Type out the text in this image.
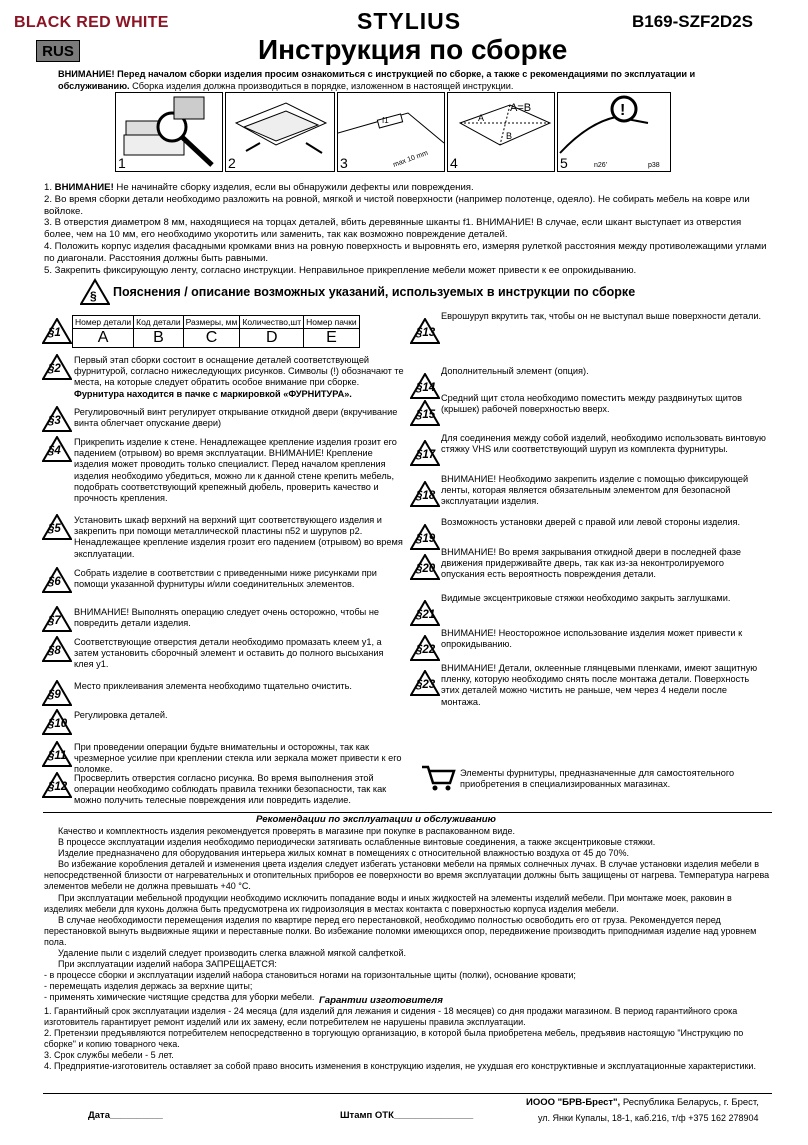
BLACK RED WHITE	STYLIUS	B169-SZF2D2S
RUS	Инструкция по сборке
ВНИМАНИЕ! Перед началом сборки изделия просим ознакомиться с инструкцией по сборке, а также с рекомендациями по эксплуатации и обслуживанию. Сборка изделия должна производиться в порядке, изложенном в настоящей инструкции.
1	2
f1
max 10 mm
3
A=B
A
B
4
!
n26'	p38
5

1. ВНИМАНИЕ! Не начинайте сборку изделия, если вы обнаружили дефекты или повреждения.

2. Во время сборки детали необходимо разложить на ровной, мягкой и чистой поверхности (например полотенце, одеяло). Не собирать мебель на ковре или войлоке.

3. В отверстия диаметром 8 мм, находящиеся на торцах деталей, вбить деревянные шканты f1. ВНИМАНИЕ! В случае, если шкант выступает из отверстия более, чем на 10 мм, его необходимо укоротить или заменить, так как возможно повреждение деталей.

4. Положить корпус изделия фасадными кромками вниз на ровную поверхность и выровнять его, измеряя рулеткой расстояния между противолежащими углами по диагонали. Расстояния должны быть равными.

5. Закрепить фиксирующую ленту, согласно инструкции. Неправильное прикрепление мебели может привести к ее опрокидыванию.

§ Пояснения / описание возможных указаний, используемых в инструкции по сборке
Номер детали	Код детали	Размеры, мм	Количество,шт	Номер пачки
A	B	C	D	E
Элементы фурнитуры, предназначенные для самостоятельного приобретения в специализированных магазинах.
Рекомендации по эксплуатации и обслуживанию

Качество и комплектность изделия рекомендуется проверять в магазине при покупке в распакованном виде.

В процессе эксплуатации изделия необходимо периодически затягивать ослабленные винтовые соединения, а также эксцентриковые стяжки.

Изделие предназначено для оборудования интерьера жилых комнат в помещениях с относительной влажностью воздуха от 45 до 70%.

Во избежание коробления деталей и изменения цвета изделия следует избегать установки мебели на прямых солнечных лучах. В случае установки изделия мебели в непосредственной близости от нагревательных и отопительных приборов ее поверхности во время эксплуатации должны быть защищены от нагрева. Температура нагрева элементов мебели не должна превышать +40 °С.

При эксплуатации мебельной продукции необходимо исключить попадание воды и иных жидкостей на элементы изделий мебели. При монтаже моек, раковин в изделиях мебели для кухонь должна быть предусмотрена их гидроизоляция в местах контакта с поверхностью корпуса изделия мебели.

В случае необходимости перемещения изделия по квартире перед его перестановкой, необходимо полностью освободить его от груза. Рекомендуется перед перестановкой вынуть выдвижные ящики и переставные полки. Во избежание поломки имеющихся опор, передвижение производить приподнимая изделие над уровнем пола.

Удаление пыли с изделий следует производить слегка влажной мягкой салфеткой.

При эксплуатации изделий набора ЗАПРЕЩАЕТСЯ:

- в процессе сборки и эксплуатации изделий набора становиться ногами на горизонтальные щиты (полки), основание кровати;

- перемещать изделия держась за верхние щиты;

- применять химические чистящие средства для уборки мебели. Гарантии изготовителя

1. Гарантийный срок эксплуатации изделия - 24 месяца (для изделий для лежания и сидения - 18 месяцев) со дня продажи магазином. В период гарантийного срока изготовитель гарантирует ремонт изделий или их замену, если потребителем не нарушены правила эксплуатации.

2. Претензии предъявляются потребителем непосредственно в торгующую организацию, в которой была приобретена мебель, предъявив настоящую "Инструкцию по сборке" и копию товарного чека.

3. Срок службы мебели - 5 лет.

4. Предприятие-изготовитель оставляет за собой право вносить изменения в конструкцию изделия, не ухудшая его конструктивные и эксплуатационные характеристики.

Дата__________	Штамп ОТК_______________
ИООО "БРВ-Брест", Республика Беларусь, г. Брест,
ул. Янки Купалы, 18-1, каб.216, т/ф +375 162 278904
§1
§2
Первый этап сборки состоит в оснащение деталей соответствующей фурнитурой, согласно нижеследующих рисунков. Символы (!) обозначают те места, на которые следует обратить особое внимание при сборке. Фурнитура находится в пачке с маркировкой «ФУРНИТУРА».
§3
Регулировочный винт регулирует открывание откидной двери (вкручивание винта облегчает опускание двери)
§4
Прикрепить изделие к стене. Ненадлежащее крепление изделия грозит его падением (отрывом) во время эксплуатации. ВНИМАНИЕ! Крепление изделия может проводить только специалист. Перед началом крепления изделия необходимо убедиться, можно ли к данной стене крепить мебель, подобрать соответствующий крепежный дюбель, проверить качество и прочность крепления.
§5
Установить шкаф верхний на верхний щит соответствующего изделия и закрепить при помощи металлической пластины n52 и шурупов p2. Ненадлежащее крепление изделия грозит его падением (отрывом) во время эксплуатации.
§6
Собрать изделие в соответствии с приведенными ниже рисунками при помощи указанной фурнитуры и/или соединительных элементов.
§7
ВНИМАНИЕ! Выполнять операцию следует очень осторожно, чтобы не повредить детали изделия.
§8
Соответствующие отверстия детали необходимо промазать клеем y1, а затем установить сборочный элемент и оставить до полного высыхания клея y1.
§9
Место приклеивания элемента необходимо тщательно очистить.
§10
Регулировка деталей.
§11
При проведении операции будьте внимательны и осторожны, так как чрезмерное усилие при креплении стекла или зеркала может привести к его поломке.
§12
Просверлить отверстия согласно рисунка. Во время выполнения этой операции необходимо соблюдать правила техники безопасности, так как можно получить телесные повреждения или повредить изделие.
§13
Еврошуруп вкрутить так, чтобы он не выступал выше поверхности детали.
§14
Дополнительный элемент (опция).
§15
Средний щит стола необходимо поместить между раздвинутых щитов (крышек) рабочей поверхностью вверх.
§17
Для соединения между собой изделий, необходимо использовать винтовую стяжку VHS или соответствующий шуруп из комплекта фурнитуры.
§18
ВНИМАНИЕ! Необходимо закрепить изделие с помощью фиксирующей ленты, которая является обязательным элементом для безопасной эксплуатации изделия.
§19
Возможность установки дверей с правой или левой стороны изделия.
§20
ВНИМАНИЕ! Во время закрывания откидной двери в последней фазе движения придерживайте дверь, так как из-за неконтролируемого опускания есть вероятность повреждения детали.
§21
Видимые эксцентриковые стяжки необходимо закрыть заглушками.
§22
ВНИМАНИЕ! Неосторожное использование изделия может привести к опрокидыванию.
§23
ВНИМАНИЕ! Детали, оклеенные глянцевыми пленками, имеют защитную пленку, которую необходимо снять после монтажа детали. Поверхность этих деталей можно чистить не раньше, чем через 4 недели после монтажа.
